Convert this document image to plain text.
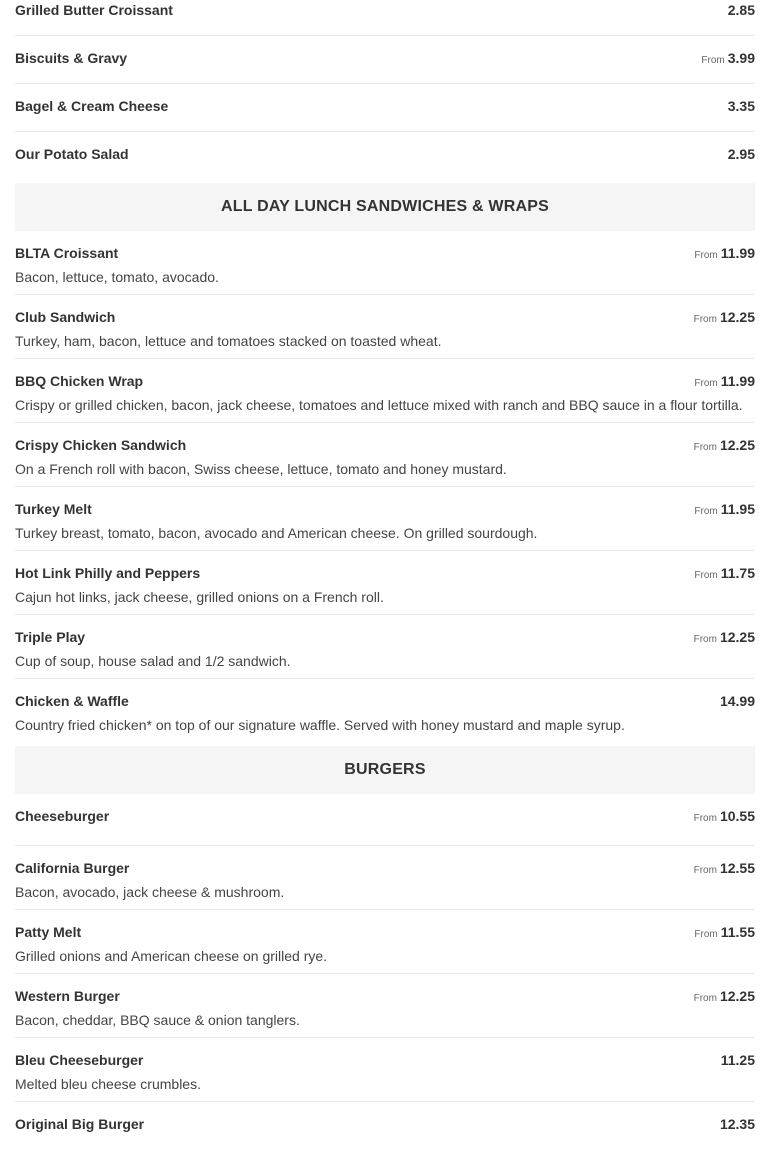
Grilled Butter Croissant	2.85
Biscuits & Gravy	From 3.99
Bagel & Cream Cheese	3.35
Our Potato Salad	2.95
ALL DAY LUNCH SANDWICHES & WRAPS
BLTA Croissant	From 11.99
Bacon, lettuce, tomato, avocado.
Club Sandwich	From 12.25
Turkey, ham, bacon, lettuce and tomatoes stacked on toasted wheat.
BBQ Chicken Wrap	From 11.99
Crispy or grilled chicken, bacon, jack cheese, tomatoes and lettuce mixed with ranch and BBQ sauce in a flour tortilla.
Crispy Chicken Sandwich	From 12.25
On a French roll with bacon, Swiss cheese, lettuce, tomato and honey mustard.
Turkey Melt	From 11.95
Turkey breast, tomato, bacon, avocado and American cheese. On grilled sourdough.
Hot Link Philly and Peppers	From 11.75
Cajun hot links, jack cheese, grilled onions on a French roll.
Triple Play	From 12.25
Cup of soup, house salad and 1/2 sandwich.
Chicken & Waffle	14.99
Country fried chicken* on top of our signature waffle. Served with honey mustard and maple syrup.
BURGERS
Cheeseburger	From 10.55
California Burger	From 12.55
Bacon, avocado, jack cheese & mushroom.
Patty Melt	From 11.55
Grilled onions and American cheese on grilled rye.
Western Burger	From 12.25
Bacon, cheddar, BBQ sauce & onion tanglers.
Bleu Cheeseburger	11.25
Melted bleu cheese crumbles.
Original Big Burger	12.35
